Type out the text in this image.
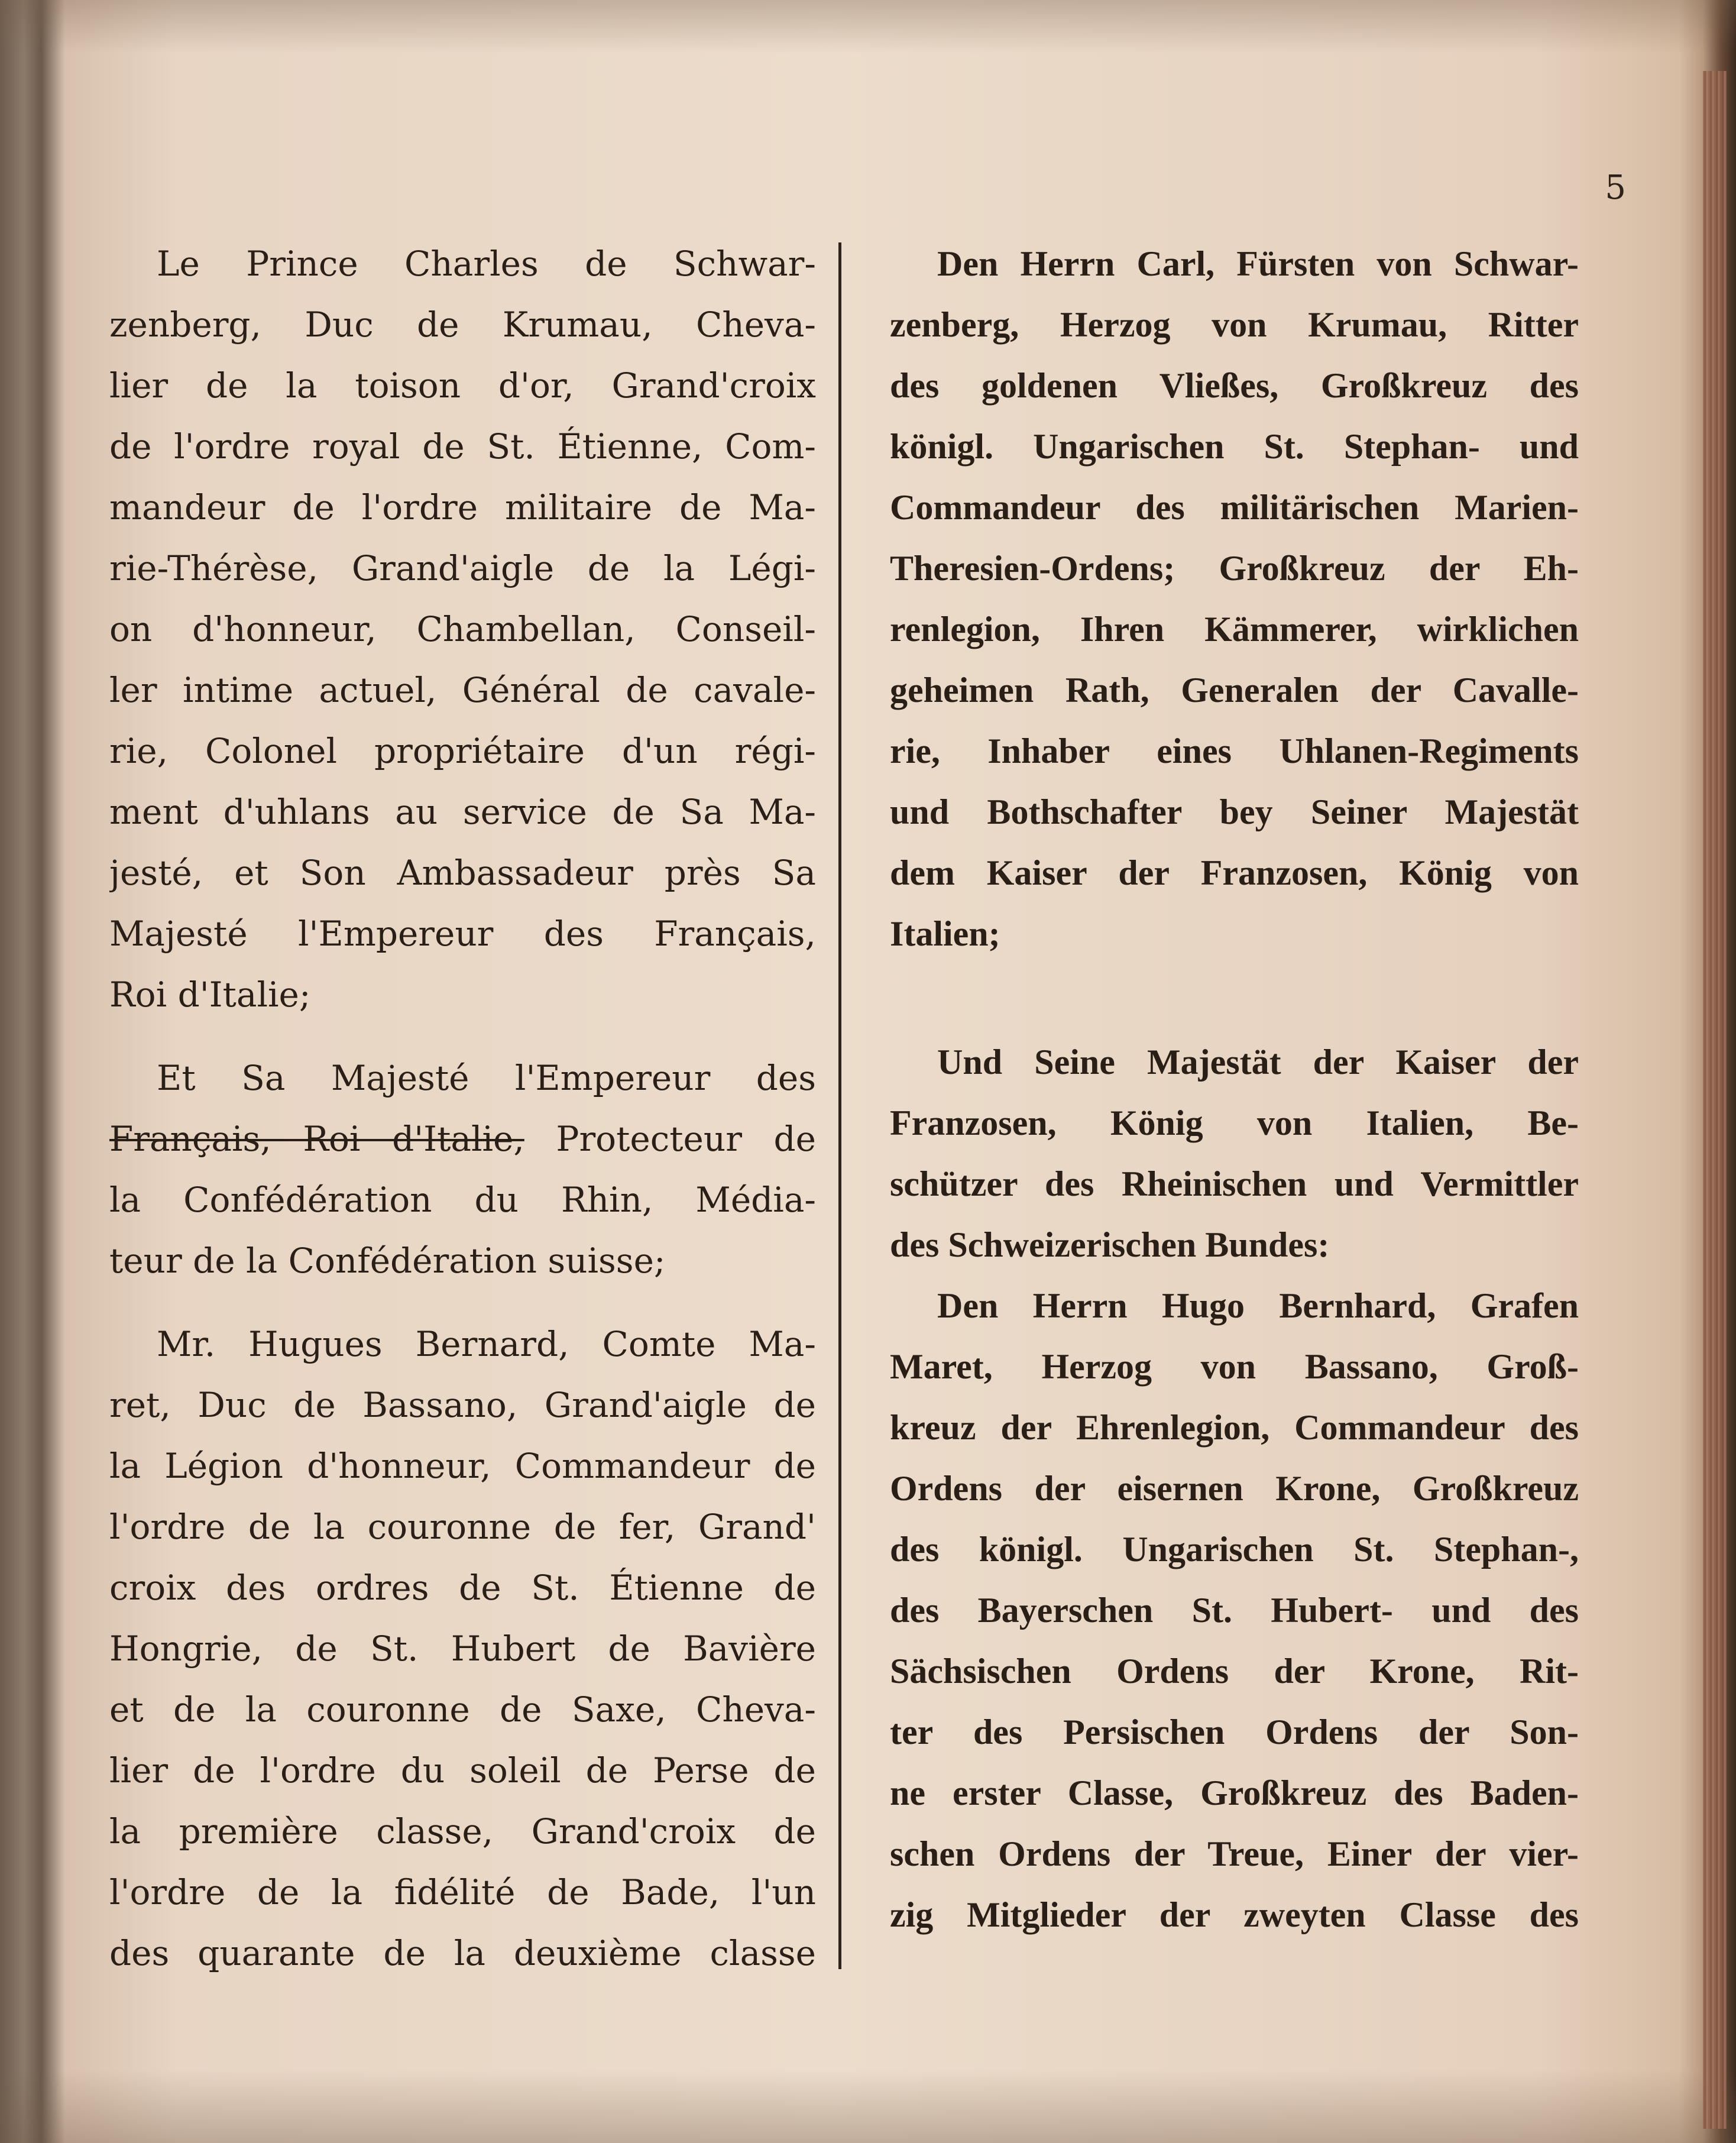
5
Le Prince Charles de Schwar-
zenberg, Duc de Krumau, Cheva-
lier de la toison d'or, Grand'croix
de l'ordre royal de St. Étienne, Com-
mandeur de l'ordre militaire de Ma-
rie-Thérèse, Grand'aigle de la Légi-
on d'honneur, Chambellan, Conseil-
ler intime actuel, Général de cavale-
rie, Colonel propriétaire d'un régi-
ment d'uhlans au service de Sa Ma-
jesté, et Son Ambassadeur près Sa
Majesté l'Empereur des Français,
Roi d'Italie;
Et Sa Majesté l'Empereur des
Français, Roi d'Italie, Protecteur de
la Confédération du Rhin, Média-
teur de la Confédération suisse;
Mr. Hugues Bernard, Comte Ma-
ret, Duc de Bassano, Grand'aigle de
la Légion d'honneur, Commandeur de
l'ordre de la couronne de fer, Grand'
croix des ordres de St. Étienne de
Hongrie, de St. Hubert de Bavière
et de la couronne de Saxe, Cheva-
lier de l'ordre du soleil de Perse de
la première classe, Grand'croix de
l'ordre de la fidélité de Bade, l'un
des quarante de la deuxième classe
Den Herrn Carl, Fürsten von Schwar-
zenberg, Herzog von Krumau, Ritter
des goldenen Vließes, Großkreuz des
königl. Ungarischen St. Stephan- und
Commandeur des militärischen Marien-
Theresien-Ordens; Großkreuz der Eh-
renlegion, Ihren Kämmerer, wirklichen
geheimen Rath, Generalen der Cavalle-
rie, Inhaber eines Uhlanen-Regiments
und Bothschafter bey Seiner Majestät
dem Kaiser der Franzosen, König von
Italien;
Und Seine Majestät der Kaiser der
Franzosen, König von Italien, Be-
schützer des Rheinischen und Vermittler
des Schweizerischen Bundes:
Den Herrn Hugo Bernhard, Grafen
Maret, Herzog von Bassano, Groß-
kreuz der Ehrenlegion, Commandeur des
Ordens der eisernen Krone, Großkreuz
des königl. Ungarischen St. Stephan-,
des Bayerschen St. Hubert- und des
Sächsischen Ordens der Krone, Rit-
ter des Persischen Ordens der Son-
ne erster Classe, Großkreuz des Baden-
schen Ordens der Treue, Einer der vier-
zig Mitglieder der zweyten Classe des
